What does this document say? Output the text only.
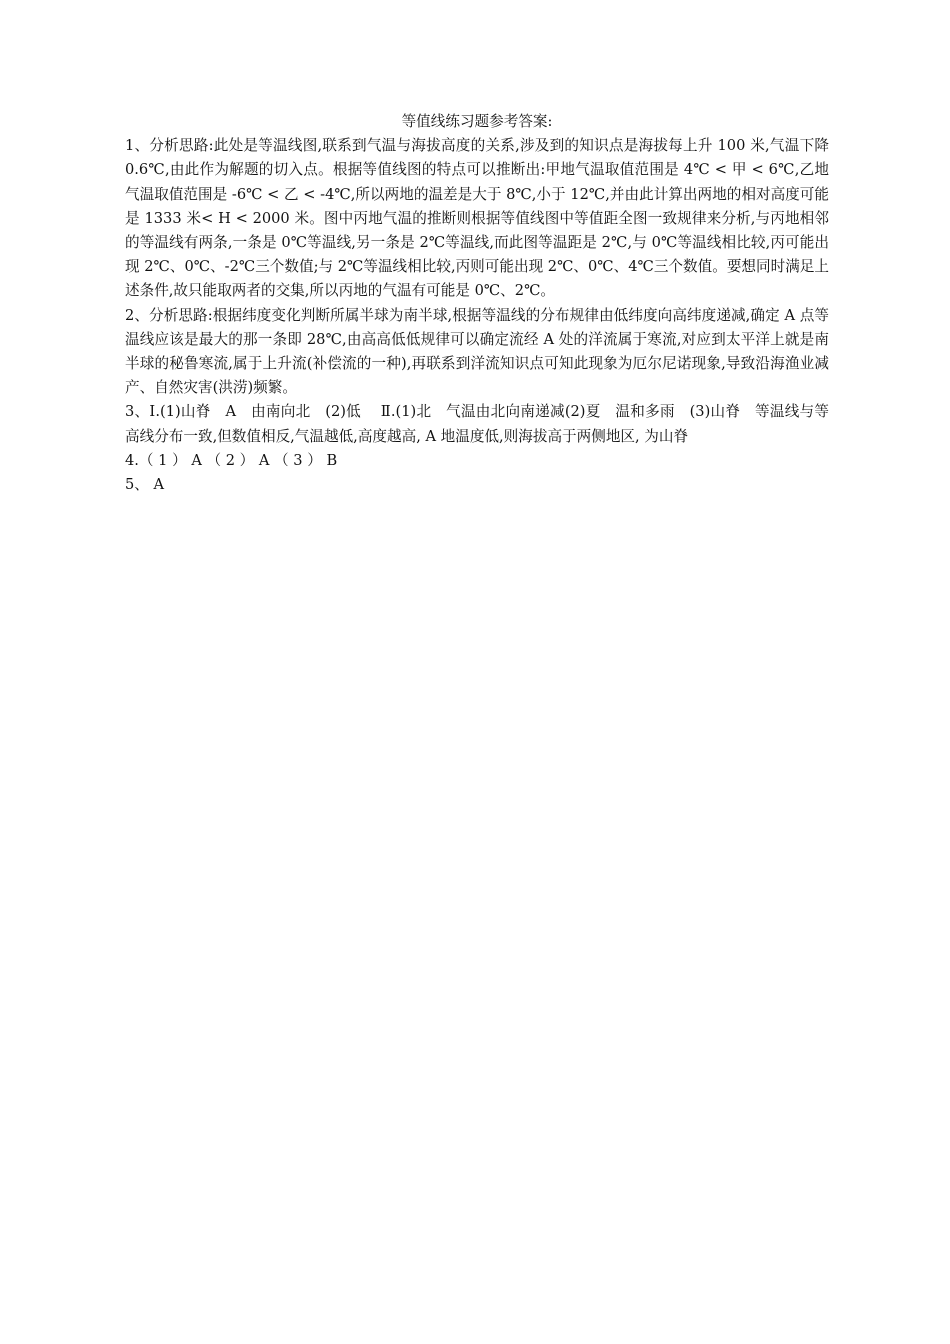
等值线练习题参考答案:

1、分析思路:此处是等温线图,联系到气温与海拔高度的关系,涉及到的知识点是海拔每上升 100 米,气温下降 0.6℃,由此作为解题的切入点。根据等值线图的特点可以推断出:甲地气温取值范围是 4℃ < 甲 < 6℃,乙地气温取值范围是 -6℃ < 乙 < -4℃,所以两地的温差是大于 8℃,小于 12℃,并由此计算出两地的相对高度可能是 1333 米< H < 2000 米。图中丙地气温的推断则根据等值线图中等值距全图一致规律来分析,与丙地相邻的等温线有两条,一条是 0℃等温线,另一条是 2℃等温线,而此图等温距是 2℃,与 0℃等温线相比较,丙可能出现 2℃、0℃、-2℃三个数值;与 2℃等温线相比较,丙则可能出现 2℃、0℃、4℃三个数值。要想同时满足上述条件,故只能取两者的交集,所以丙地的气温有可能是 0℃、2℃。

2、分析思路:根据纬度变化判断所属半球为南半球,根据等温线的分布规律由低纬度向高纬度递减,确定 A 点等温线应该是最大的那一条即 28℃,由高高低低规律可以确定流经 A 处的洋流属于寒流,对应到太平洋上就是南半球的秘鲁寒流,属于上升流(补偿流的一种),再联系到洋流知识点可知此现象为厄尔尼诺现象,导致沿海渔业减产、自然灾害(洪涝)频繁。

3、Ⅰ.(1)山脊　A　由南向北　(2)低　 Ⅱ.(1)北　气温由北向南递减(2)夏　温和多雨　(3)山脊　等温线与等高线分布一致,但数值相反,气温越低,高度越高, A 地温度低,则海拔高于两侧地区, 为山脊

4.（ 1 ） A （ 2 ） A （ 3 ） B

5、 A
